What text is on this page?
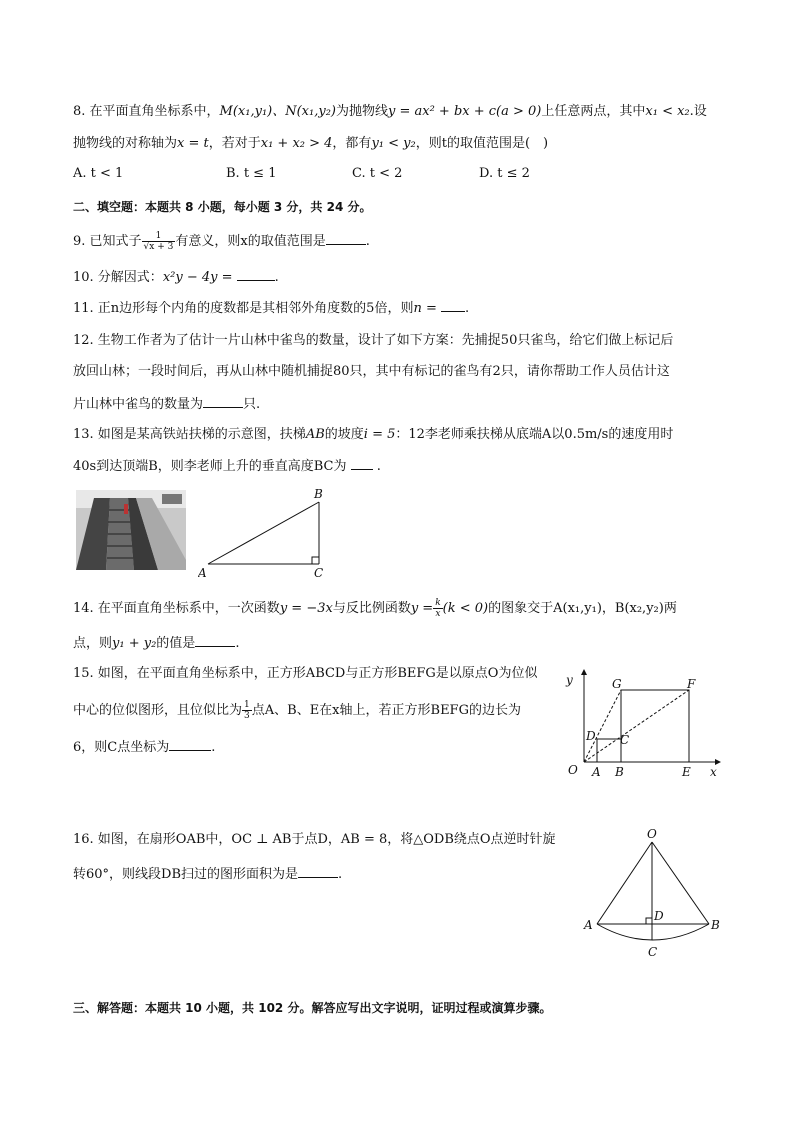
8. 在平面直角坐标系中，M(x₁,y₁)、N(x₁,y₂)为抛物线y = ax² + bx + c(a > 0)上任意两点，其中x₁ < x₂.设
抛物线的对称轴为x = t，若对于x₁ + x₂ > 4，都有y₁ < y₂，则t的取值范围是(　)
A. t < 1	B. t ≤ 1	C. t < 2	D. t ≤ 2
二、填空题：本题共 8 小题，每小题 3 分，共 24 分。
9. 已知式子 $\frac{1}{√x + 3}$ 有意义，则x的取值范围是	.
10. 分解因式：x²y − 4y =	.
11. 正n边形每个内角的度数都是其相邻外角度数的5倍，则n = .
12. 生物工作者为了估计一片山林中雀鸟的数量，设计了如下方案：先捕捉50只雀鸟，给它们做上标记后
放回山林；一段时间后，再从山林中随机捕捉80只，其中有标记的雀鸟有2只，请你帮助工作人员估计这
片山林中雀鸟的数量为	只.
13. 如图是某高铁站扶梯的示意图，扶梯AB的坡度i = 5：12李老师乘扶梯从底端A以0.5m/s的速度用时
40s到达顶端B，则李老师上升的垂直高度BC为 .
A
B
C
14. 在平面直角坐标系中，一次函数y = −3x与反比例函数$y = \frac{k}{x} (k < 0)$的图象交于A(x₁,y₁)，B(x₂,y₂)两
点，则y₁ + y₂的值是	.
15. 如图，在平面直角坐标系中，正方形ABCD与正方形BEFG是以原点O为位似
中心的位似图形，且位似比为 $\frac{1}{3}$ 点A、B、E在x轴上，若正方形BEFG的边长为
6，则C点坐标为	.
y
x
O A B	E
C
D
G	F
16. 如图，在扇形OAB中，OC ⊥ AB于点D，AB = 8，将△ODB绕点O点逆时针旋
转60°，则线段DB扫过的图形面积为是	.
O
A	B
D
C
三、解答题：本题共 10 小题，共 102 分。解答应写出文字说明，证明过程或演算步骤。
